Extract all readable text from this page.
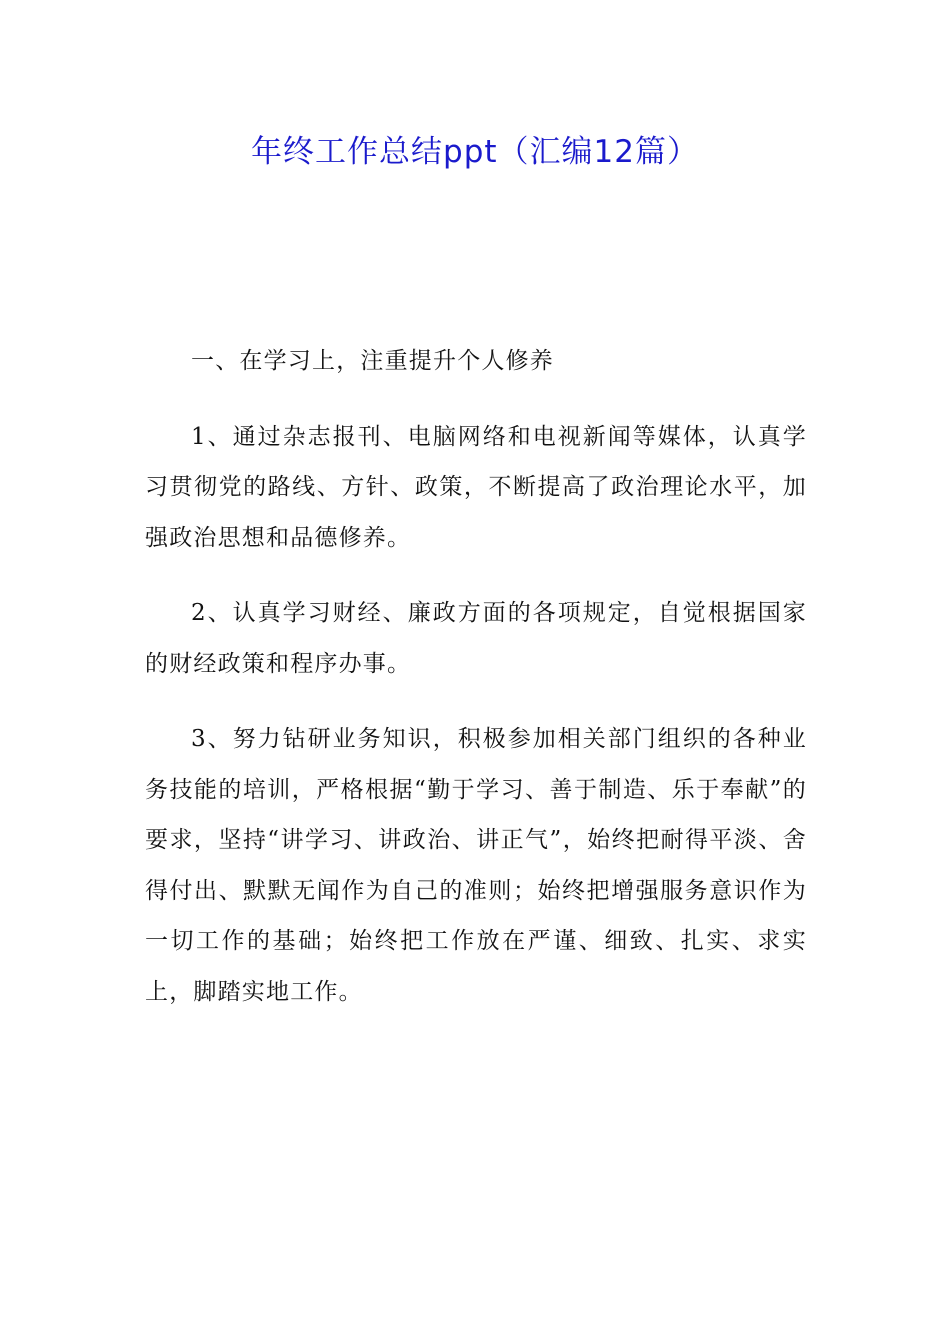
年终工作总结ppt（汇编12篇）

一、在学习上，注重提升个人修养

1、通过杂志报刊、电脑网络和电视新闻等媒体，认真学习贯彻党的路线、方针、政策，不断提高了政治理论水平，加强政治思想和品德修养。

2、认真学习财经、廉政方面的各项规定，自觉根据国家的财经政策和程序办事。

3、努力钻研业务知识，积极参加相关部门组织的各种业务技能的培训，严格根据“勤于学习、善于制造、乐于奉献”的要求，坚持“讲学习、讲政治、讲正气”，始终把耐得平淡、舍得付出、默默无闻作为自己的准则；始终把增强服务意识作为一切工作的基础；始终把工作放在严谨、细致、扎实、求实上，脚踏实地工作。
